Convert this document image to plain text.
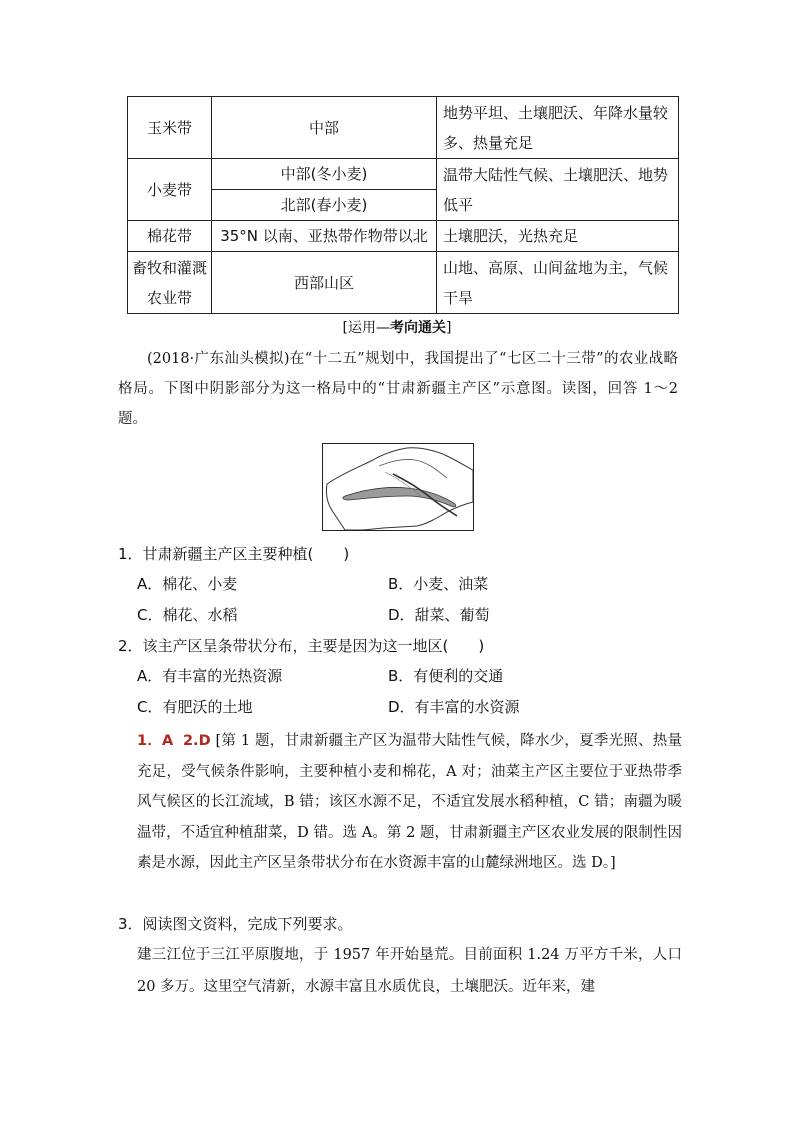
玉米带	中部	地势平坦、土壤肥沃、年降水量较多、热量充足
小麦带	中部(冬小麦)	温带大陆性气候、土壤肥沃、地势低平
	北部(春小麦)	
棉花带	35°N 以南、亚热带作物带以北	土壤肥沃，光热充足
畜牧和灌溉农业带	西部山区	山地、高原、山间盆地为主，气候干旱
[运用—考向通关]
(2018·广东汕头模拟)在“十二五”规划中，我国提出了“七区二十三带”的农业战略格局。下图中阴影部分为这一格局中的“甘肃新疆主产区”示意图。读图，回答 1～2 题。
1．甘肃新疆主产区主要种植(　　)
A．棉花、小麦	B．小麦、油菜
C．棉花、水稻	D．甜菜、葡萄
2．该主产区呈条带状分布，主要是因为这一地区(　　)
A．有丰富的光热资源	B．有便利的交通
C．有肥沃的土地	D．有丰富的水资源
1．A 2.D [第 1 题，甘肃新疆主产区为温带大陆性气候，降水少，夏季光照、热量充足，受气候条件影响，主要种植小麦和棉花，A 对；油菜主产区主要位于亚热带季风气候区的长江流域，B 错；该区水源不足，不适宜发展水稻种植，C 错；南疆为暖温带，不适宜种植甜菜，D 错。选 A。第 2 题，甘肃新疆主产区农业发展的限制性因素是水源，因此主产区呈条带状分布在水资源丰富的山麓绿洲地区。选 D。]
3．阅读图文资料，完成下列要求。
建三江位于三江平原腹地，于 1957 年开始垦荒。目前面积 1.24 万平方千米，人口 20 多万。这里空气清新，水源丰富且水质优良，土壤肥沃。近年来，建
